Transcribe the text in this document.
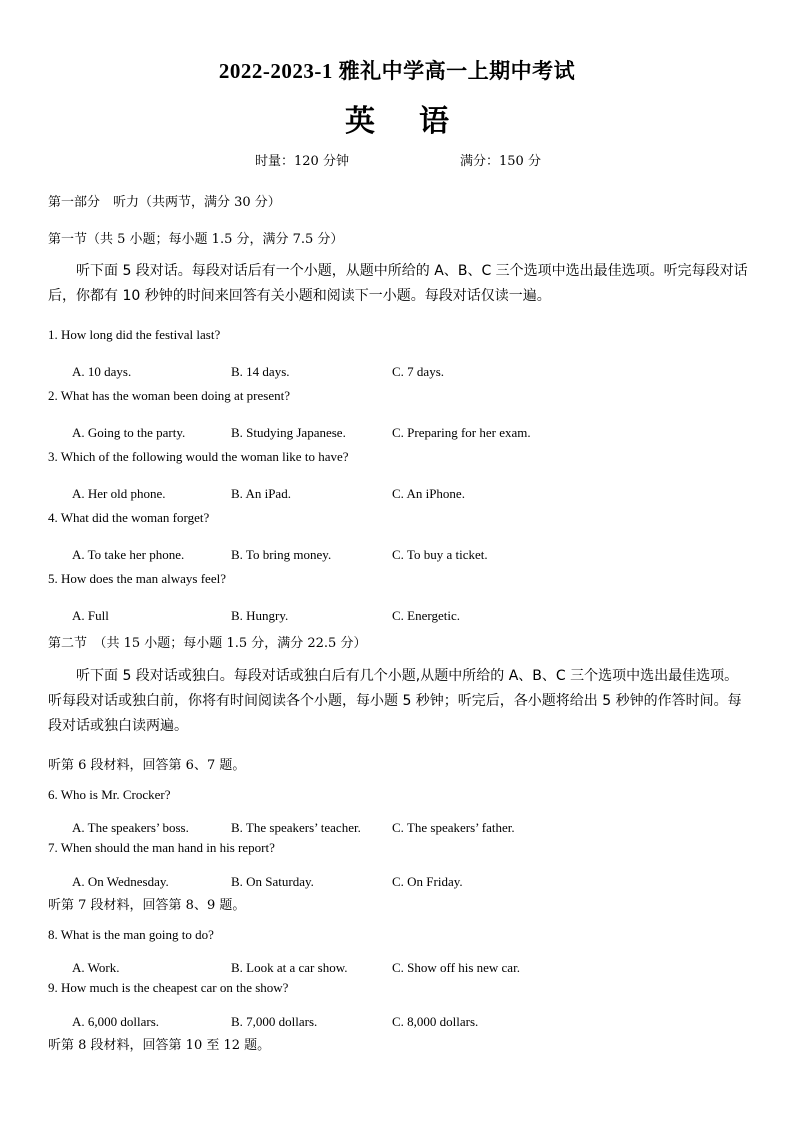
2022-2023-1 雅礼中学高一上期中考试
英 语
时量：120 分钟	满分：150 分
第一部分　听力（共两节，满分 30 分）
第一节（共 5 小题；每小题 1.5 分，满分 7.5 分）
听下面 5 段对话。每段对话后有一个小题，从题中所给的 A、B、C 三个选项中选出最佳选项。听完每段对话后，你都有 10 秒钟的时间来回答有关小题和阅读下一小题。每段对话仅读一遍。
1. How long did the festival last?
A. 10 days.	B. 14 days.	C. 7 days.
2. What has the woman been doing at present?
A. Going to the party.	B. Studying Japanese.	C. Preparing for her exam.
3. Which of the following would the woman like to have?
A. Her old phone.	B. An iPad.	C. An iPhone.
4. What did the woman forget?
A. To take her phone.	B. To bring money.	C. To buy a ticket.
5. How does the man always feel?
A. Full	B. Hungry.	C. Energetic.
第二节　（共 15 小题；每小题 1.5 分，满分 22.5 分）
听下面 5 段对话或独白。每段对话或独白后有几个小题,从题中所给的 A、B、C 三个选项中选出最佳选项。听每段对话或独白前，你将有时间阅读各个小题，每小题 5 秒钟；听完后，各小题将给出 5 秒钟的作答时间。每段对话或独白读两遍。
听第 6 段材料，回答第 6、7 题。
6. Who is Mr. Crocker?
A. The speakers’ boss.	B. The speakers’ teacher. C. The speakers’ father.
7. When should the man hand in his report?
A. On Wednesday.	B. On Saturday.	C. On Friday.
听第 7 段材料，回答第 8、9 题。
8. What is the man going to do?
A. Work.	B. Look at a car show.	C. Show off his new car.
9. How much is the cheapest car on the show?
A. 6,000 dollars.	B. 7,000 dollars.	C. 8,000 dollars.
听第 8 段材料，回答第 10 至 12 题。
